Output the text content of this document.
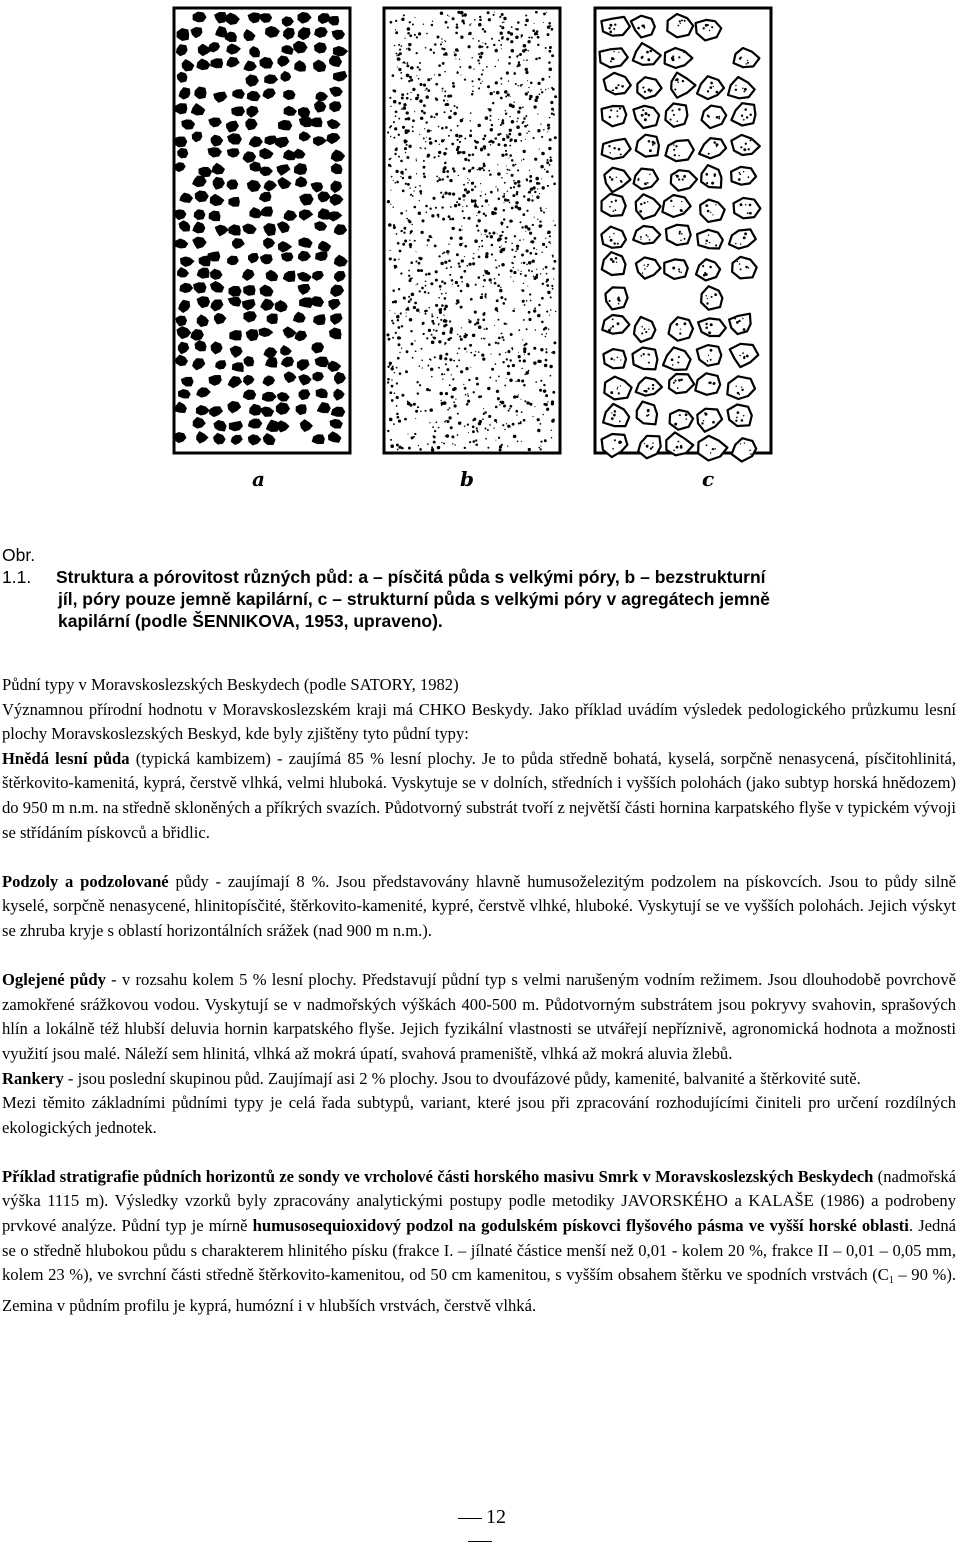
a	b	c
Obr. 1.1. Struktura a pórovitost různých půd: a – písčitá půda s velkými póry, b – bezstrukturní
jíl, póry pouze jemně kapilární, c – strukturní půda s velkými póry v agregátech jemně
kapilární (podle ŠENNIKOVA, 1953, upraveno).

Půdní typy v Moravskoslezských Beskydech (podle SATORY, 1982)

Významnou přírodní hodnotu v Moravskoslezském kraji má CHKO Beskydy. Jako příklad uvádím výsledek pedologického průzkumu lesní plochy Moravskoslezských Beskyd, kde byly zjištěny tyto půdní typy:

Hnědá lesní půda (typická kambizem) - zaujímá 85 % lesní plochy. Je to půda středně bohatá, kyselá, sorpčně nenasycená, písčitohlinitá, štěrkovito-kamenitá, kyprá, čerstvě vlhká, velmi hluboká. Vyskytuje se v dolních, středních i vyšších polohách (jako subtyp horská hnědozem) do 950 m n.m. na středně skloněných a příkrých svazích. Půdotvorný substrát tvoří z největší části hornina karpatského flyše v typickém vývoji se střídáním pískovců a břidlic.

Podzoly a podzolované půdy - zaujímají 8 %. Jsou představovány hlavně humusoželezitým podzolem na pískovcích. Jsou to půdy silně kyselé, sorpčně nenasycené, hlinitopísčité, štěrkovito-kamenité, kypré, čerstvě vlhké, hluboké. Vyskytují se ve vyšších polohách. Jejich výskyt se zhruba kryje s oblastí horizontálních srážek (nad 900 m n.m.).

Oglejené půdy - v rozsahu kolem 5 % lesní plochy. Představují půdní typ s velmi narušeným vodním režimem. Jsou dlouhodobě povrchově zamokřené srážkovou vodou. Vyskytují se v nadmořských výškách 400-500 m. Půdotvorným substrátem jsou pokryvy svahovin, sprašových hlín a lokálně též hlubší deluvia hornin karpatského flyše. Jejich fyzikální vlastnosti se utvářejí nepříznivě, agronomická hodnota a možnosti využití jsou malé. Náleží sem hlinitá, vlhká až mokrá úpatí, svahová prameniště, vlhká až mokrá aluvia žlebů.

Rankery - jsou poslední skupinou půd. Zaujímají asi 2 % plochy. Jsou to dvoufázové půdy, kamenité, balvanité a štěrkovité sutě.

Mezi těmito základními půdními typy je celá řada subtypů, variant, které jsou při zpracování rozhodujícími činiteli pro určení rozdílných ekologických jednotek.

Příklad stratigrafie půdních horizontů ze sondy ve vrcholové části horského masivu Smrk v Moravskoslezských Beskydech (nadmořská výška 1115 m). Výsledky vzorků byly zpracovány analytickými postupy podle metodiky JAVORSKÉHO a KALAŠE (1986) a podrobeny prvkové analýze. Půdní typ je mírně humusosequioxidový podzol na godulském pískovci flyšového pásma ve vyšší horské oblasti. Jedná se o středně hlubokou půdu s charakterem hlinitého písku (frakce I. – jílnaté částice menší než 0,01 - kolem 20 %, frakce II – 0,01 – 0,05 mm, kolem 23 %), ve svrchní části středně štěrkovito-kamenitou, od 50 cm kamenitou, s vyšším obsahem štěrku ve spodních vrstvách ($C_1 - 90$ %). Zemina v půdním profilu je kyprá, humózní i v hlubších vrstvách, čerstvě vlhká.

12
